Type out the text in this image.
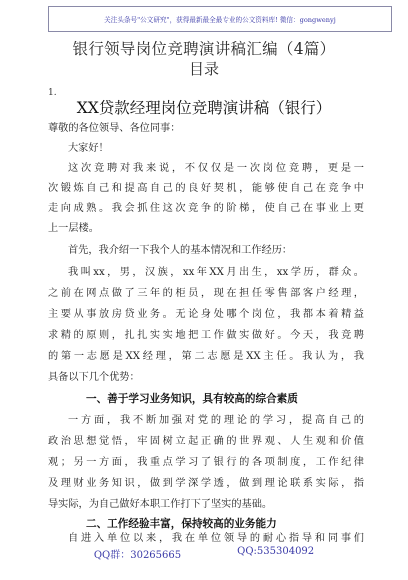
关注头条号"公文研究"，获得最新最全最专业的公文资料库! 微信：gongwenyj
银行领导岗位竞聘演讲稿汇编（4篇）
目录
1.
XX贷款经理岗位竞聘演讲稿（银行）
尊敬的各位领导、各位同事：
大家好！
这次竞聘对我来说，不仅仅是一次岗位竞聘，更是一
次锻炼自己和提高自己的良好契机，能够使自己在竞争中
走向成熟。我会抓住这次竞争的阶梯，使自己在事业上更
上一层楼。
首先，我介绍一下我个人的基本情况和工作经历：
我叫xx，男，汉族，xx年XX月出生，xx学历，群众。
之前在网点做了三年的柜员，现在担任零售部客户经理，
主要从事放房贷业务。无论身处哪个岗位，我都本着精益
求精的原则，扎扎实实地把工作做实做好。今天，我竞聘
的第一志愿是XX经理，第二志愿是XX主任。我认为，我
具备以下几个优势：
一、善于学习业务知识，具有较高的综合素质
一方面，我不断加强对党的理论的学习，提高自己的
政治思想觉悟，牢固树立起正确的世界观、人生观和价值
观；另一方面，我重点学习了银行的各项制度，工作纪律
及理财业务知识，做到学深学透，做到理论联系实际，指
导实际，为自己做好本职工作打下了坚实的基础。
二、工作经验丰富，保持较高的业务能力
自进入单位以来，我在单位领导的耐心指导和同事们
QQ群：30265665	QQ:535304092
